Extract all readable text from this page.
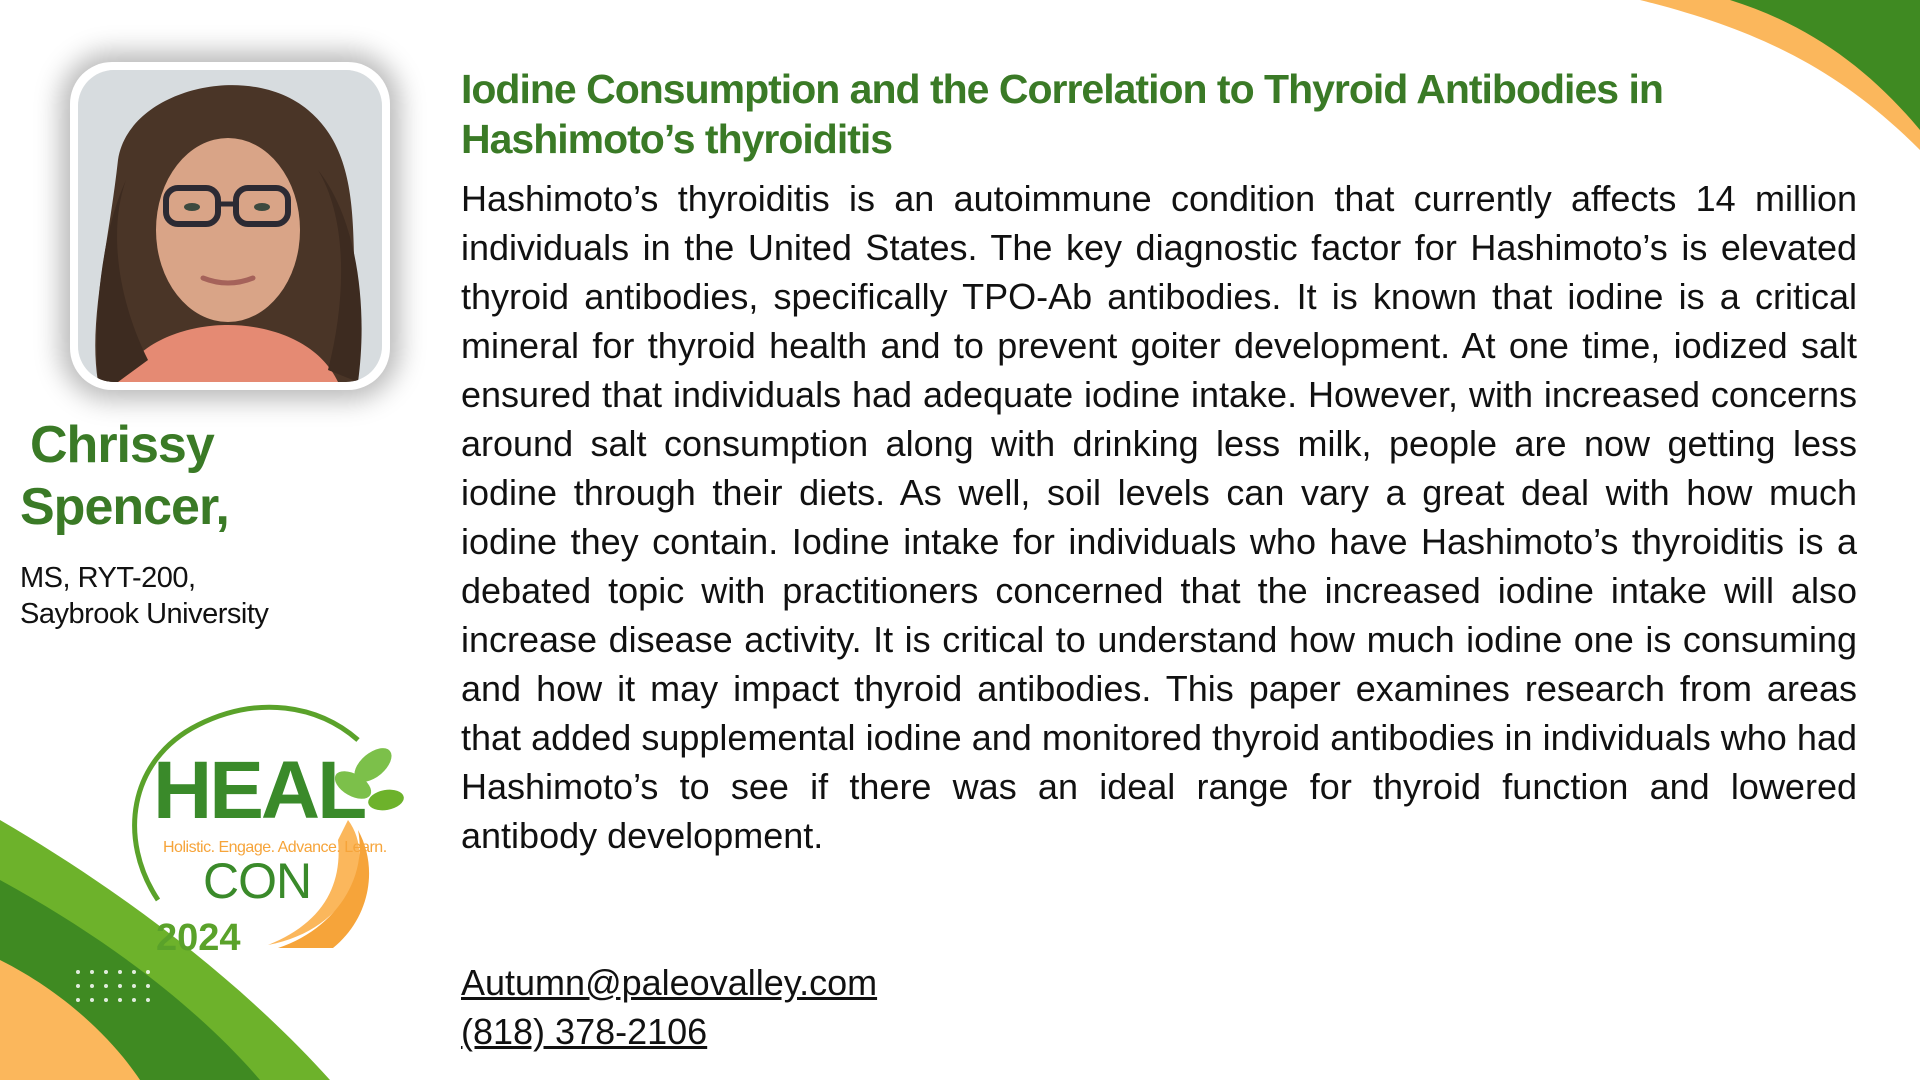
Chrissy
Spencer,
MS, RYT-200,
Saybrook University
HEAL
Holistic. Engage. Advance. Learn.
CON
2024
Iodine Consumption and the Correlation to Thyroid Antibodies in Hashimoto’s thyroiditis

Hashimoto’s thyroiditis is an autoimmune condition that currently affects 14 million individuals in the United States. The key diagnostic factor for Hashimoto’s is elevated thyroid antibodies, specifically TPO-Ab antibodies. It is known that iodine is a critical mineral for thyroid health and to prevent goiter development. At one time, iodized salt ensured that individuals had adequate iodine intake. However, with increased concerns around salt consumption along with drinking less milk, people are now getting less iodine through their diets. As well, soil levels can vary a great deal with how much iodine they contain. Iodine intake for individuals who have Hashimoto’s thyroiditis is a debated topic with practitioners concerned that the increased iodine intake will also increase disease activity. It is critical to understand how much iodine one is consuming and how it may impact thyroid antibodies. This paper examines research from areas that added supplemental iodine and monitored thyroid antibodies in individuals who had Hashimoto’s to see if there was an ideal range for thyroid function and lowered antibody development.

Autumn@paleovalley.com
(818) 378-2106
